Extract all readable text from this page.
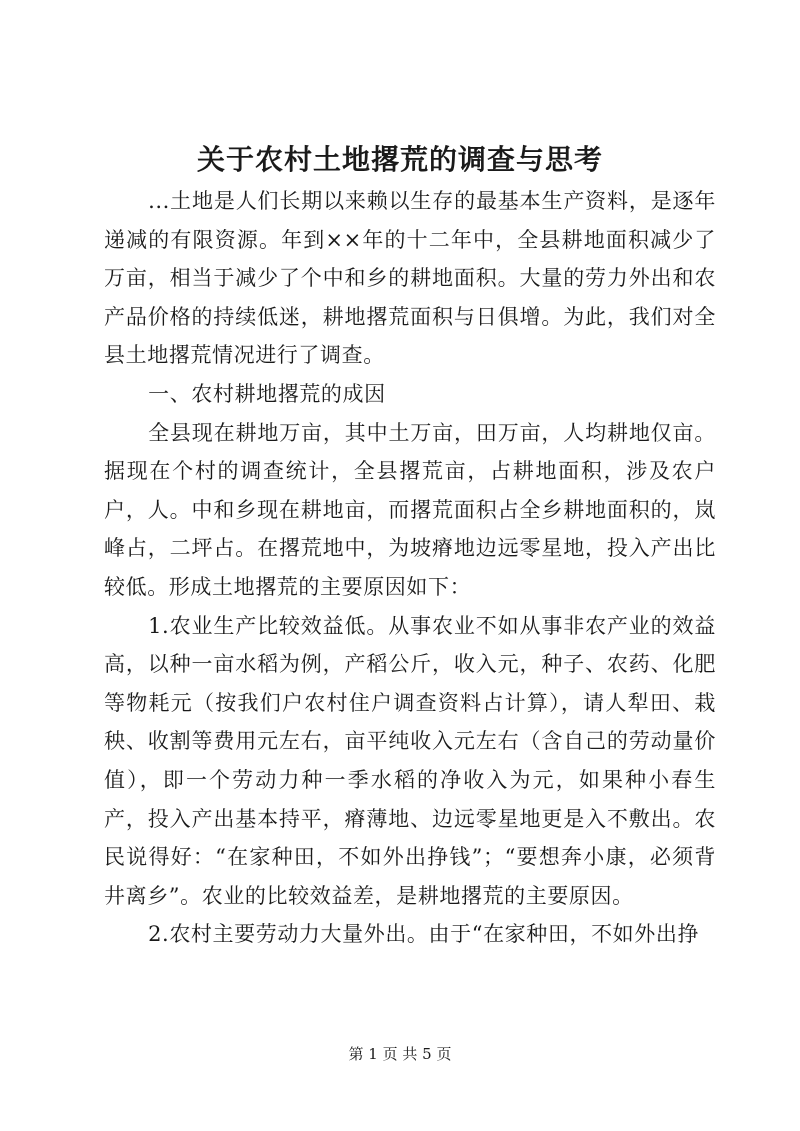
关于农村土地撂荒的调查与思考

...土地是人们长期以来赖以生存的最基本生产资料，是逐年递减的有限资源。年到××年的十二年中，全县耕地面积减少了万亩，相当于减少了个中和乡的耕地面积。大量的劳力外出和农产品价格的持续低迷，耕地撂荒面积与日俱增。为此，我们对全县土地撂荒情况进行了调查。

一、农村耕地撂荒的成因

全县现在耕地万亩，其中土万亩，田万亩，人均耕地仅亩。据现在个村的调查统计，全县撂荒亩，占耕地面积，涉及农户户，人。中和乡现在耕地亩，而撂荒面积占全乡耕地面积的，岚峰占，二坪占。在撂荒地中，为坡瘠地边远零星地，投入产出比较低。形成土地撂荒的主要原因如下：

1.农业生产比较效益低。从事农业不如从事非农产业的效益高，以种一亩水稻为例，产稻公斤，收入元，种子、农药、化肥等物耗元（按我们户农村住户调查资料占计算），请人犁田、栽秧、收割等费用元左右，亩平纯收入元左右（含自己的劳动量价值），即一个劳动力种一季水稻的净收入为元，如果种小春生产，投入产出基本持平，瘠薄地、边远零星地更是入不敷出。农民说得好：“在家种田，不如外出挣钱”；“要想奔小康，必须背井离乡”。农业的比较效益差，是耕地撂荒的主要原因。

2.农村主要劳动力大量外出。由于“在家种田，不如外出挣

第 1 页 共 5 页
